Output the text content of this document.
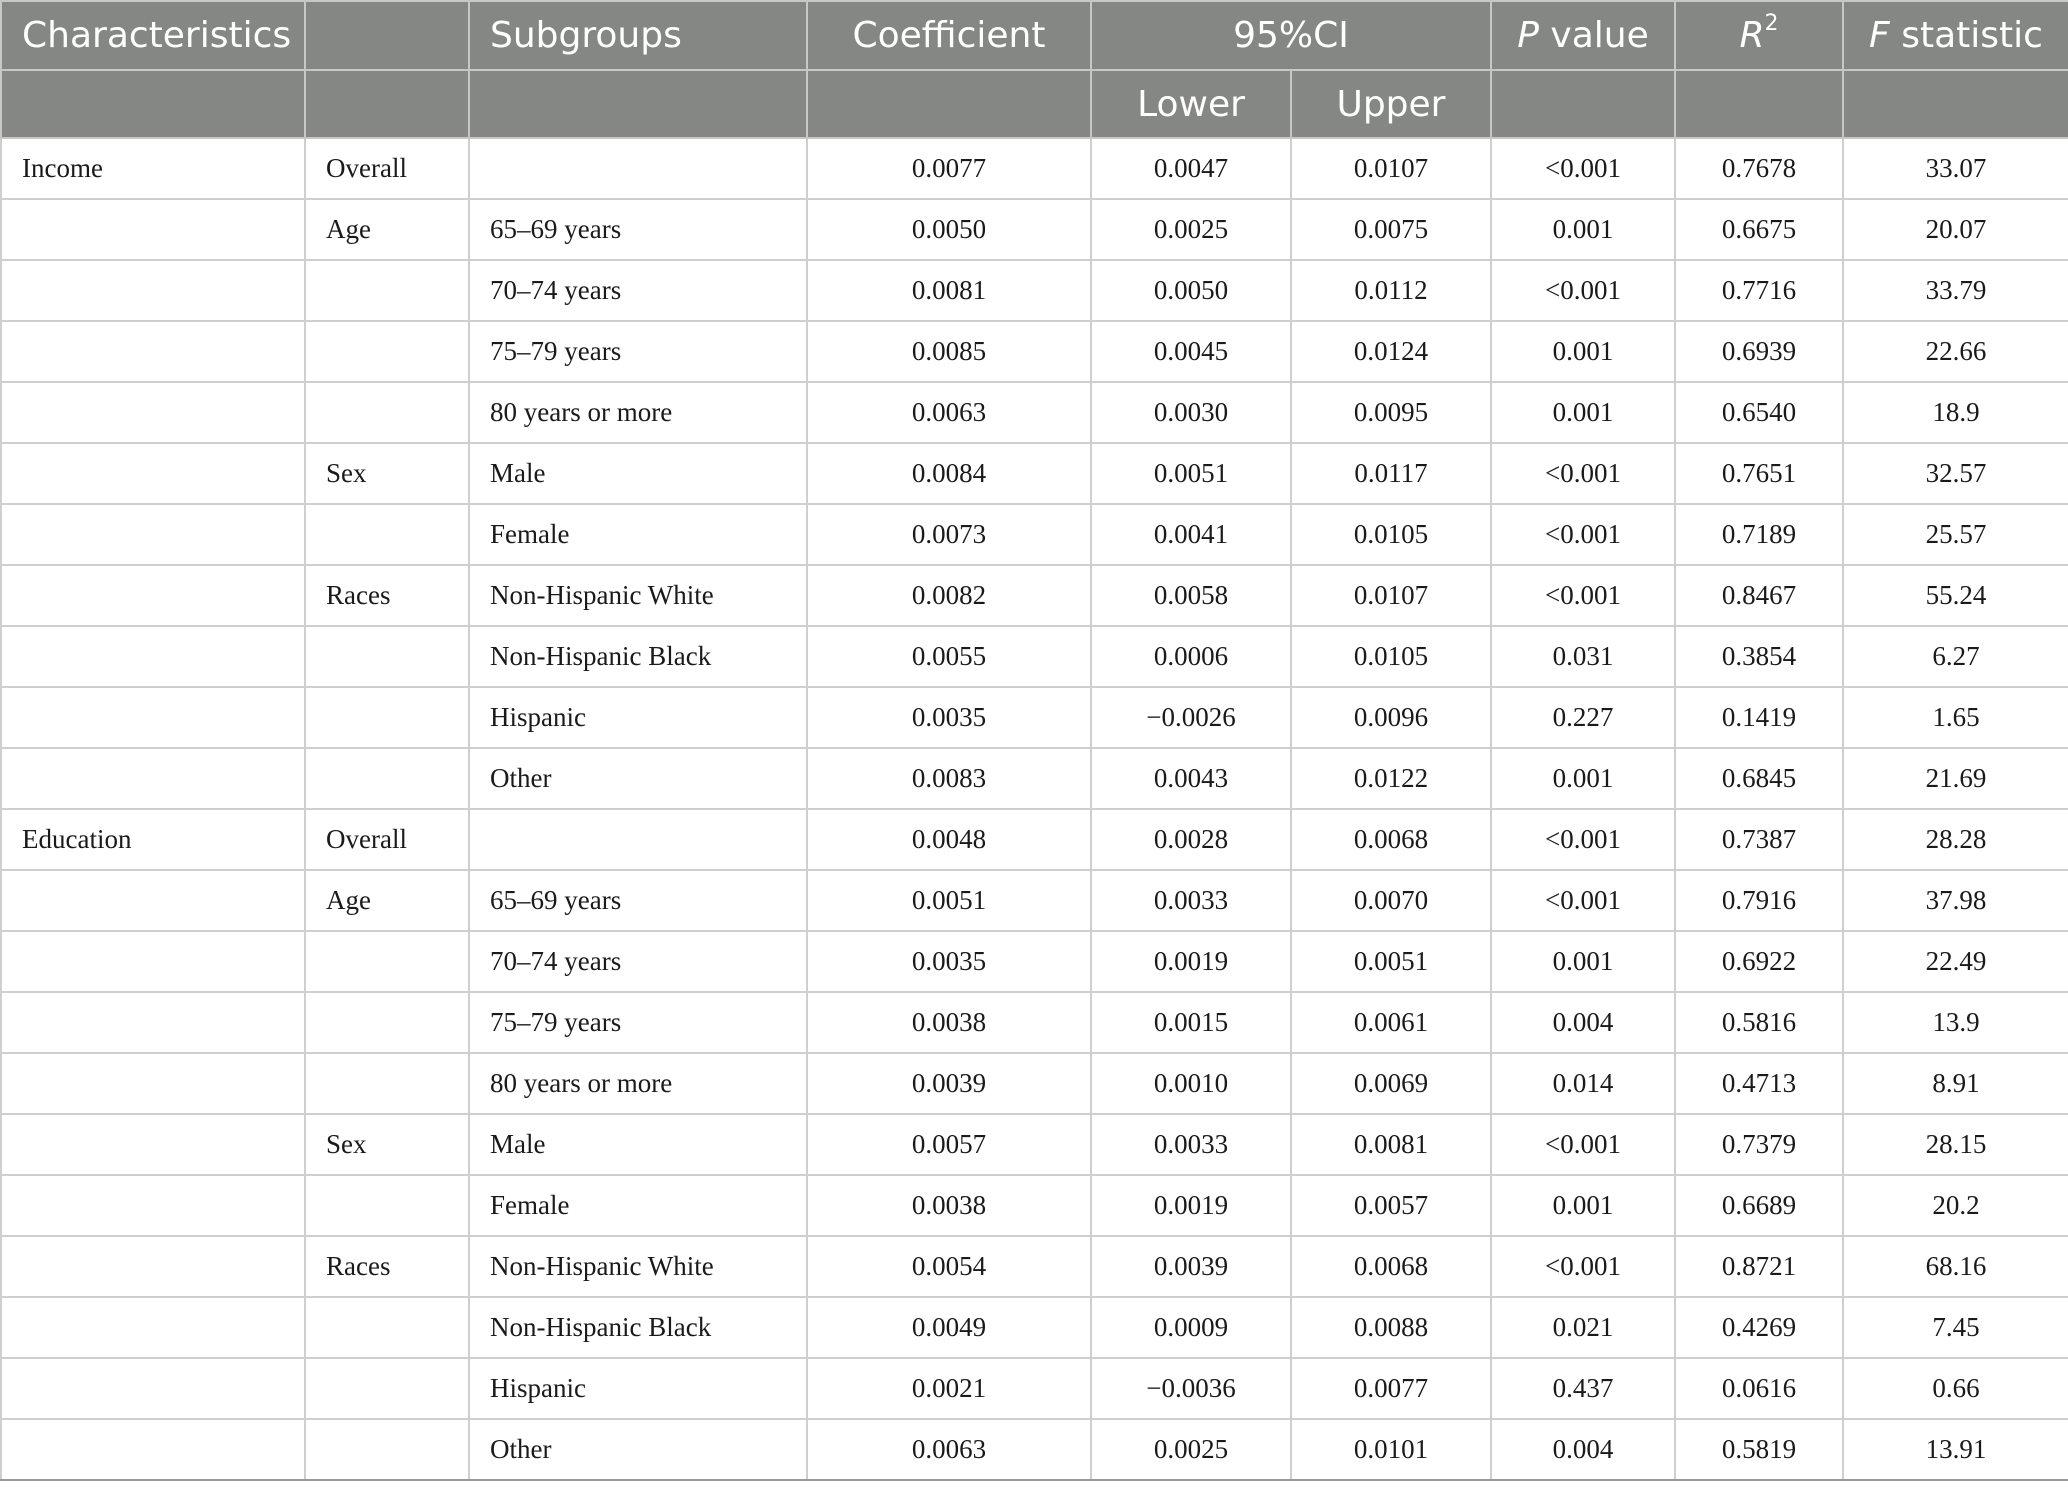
Characteristics		Subgroups	Coefficient	95%CI		P value	$R^2$	F statistic
				Lower	Upper			
Income	Overall		0.0077	0.0047	0.0107	<0.001	0.7678	33.07
	Age	65–69 years	0.0050	0.0025	0.0075	0.001	0.6675	20.07
		70–74 years	0.0081	0.0050	0.0112	<0.001	0.7716	33.79
		75–79 years	0.0085	0.0045	0.0124	0.001	0.6939	22.66
		80 years or more	0.0063	0.0030	0.0095	0.001	0.6540	18.9
	Sex	Male	0.0084	0.0051	0.0117	<0.001	0.7651	32.57
		Female	0.0073	0.0041	0.0105	<0.001	0.7189	25.57
	Races	Non-Hispanic White	0.0082	0.0058	0.0107	<0.001	0.8467	55.24
		Non-Hispanic Black	0.0055	0.0006	0.0105	0.031	0.3854	6.27
		Hispanic	0.0035	−0.0026	0.0096	0.227	0.1419	1.65
		Other	0.0083	0.0043	0.0122	0.001	0.6845	21.69
Education	Overall		0.0048	0.0028	0.0068	<0.001	0.7387	28.28
	Age	65–69 years	0.0051	0.0033	0.0070	<0.001	0.7916	37.98
		70–74 years	0.0035	0.0019	0.0051	0.001	0.6922	22.49
		75–79 years	0.0038	0.0015	0.0061	0.004	0.5816	13.9
		80 years or more	0.0039	0.0010	0.0069	0.014	0.4713	8.91
	Sex	Male	0.0057	0.0033	0.0081	<0.001	0.7379	28.15
		Female	0.0038	0.0019	0.0057	0.001	0.6689	20.2
	Races	Non-Hispanic White	0.0054	0.0039	0.0068	<0.001	0.8721	68.16
		Non-Hispanic Black	0.0049	0.0009	0.0088	0.021	0.4269	7.45
		Hispanic	0.0021	−0.0036	0.0077	0.437	0.0616	0.66
		Other	0.0063	0.0025	0.0101	0.004	0.5819	13.91
